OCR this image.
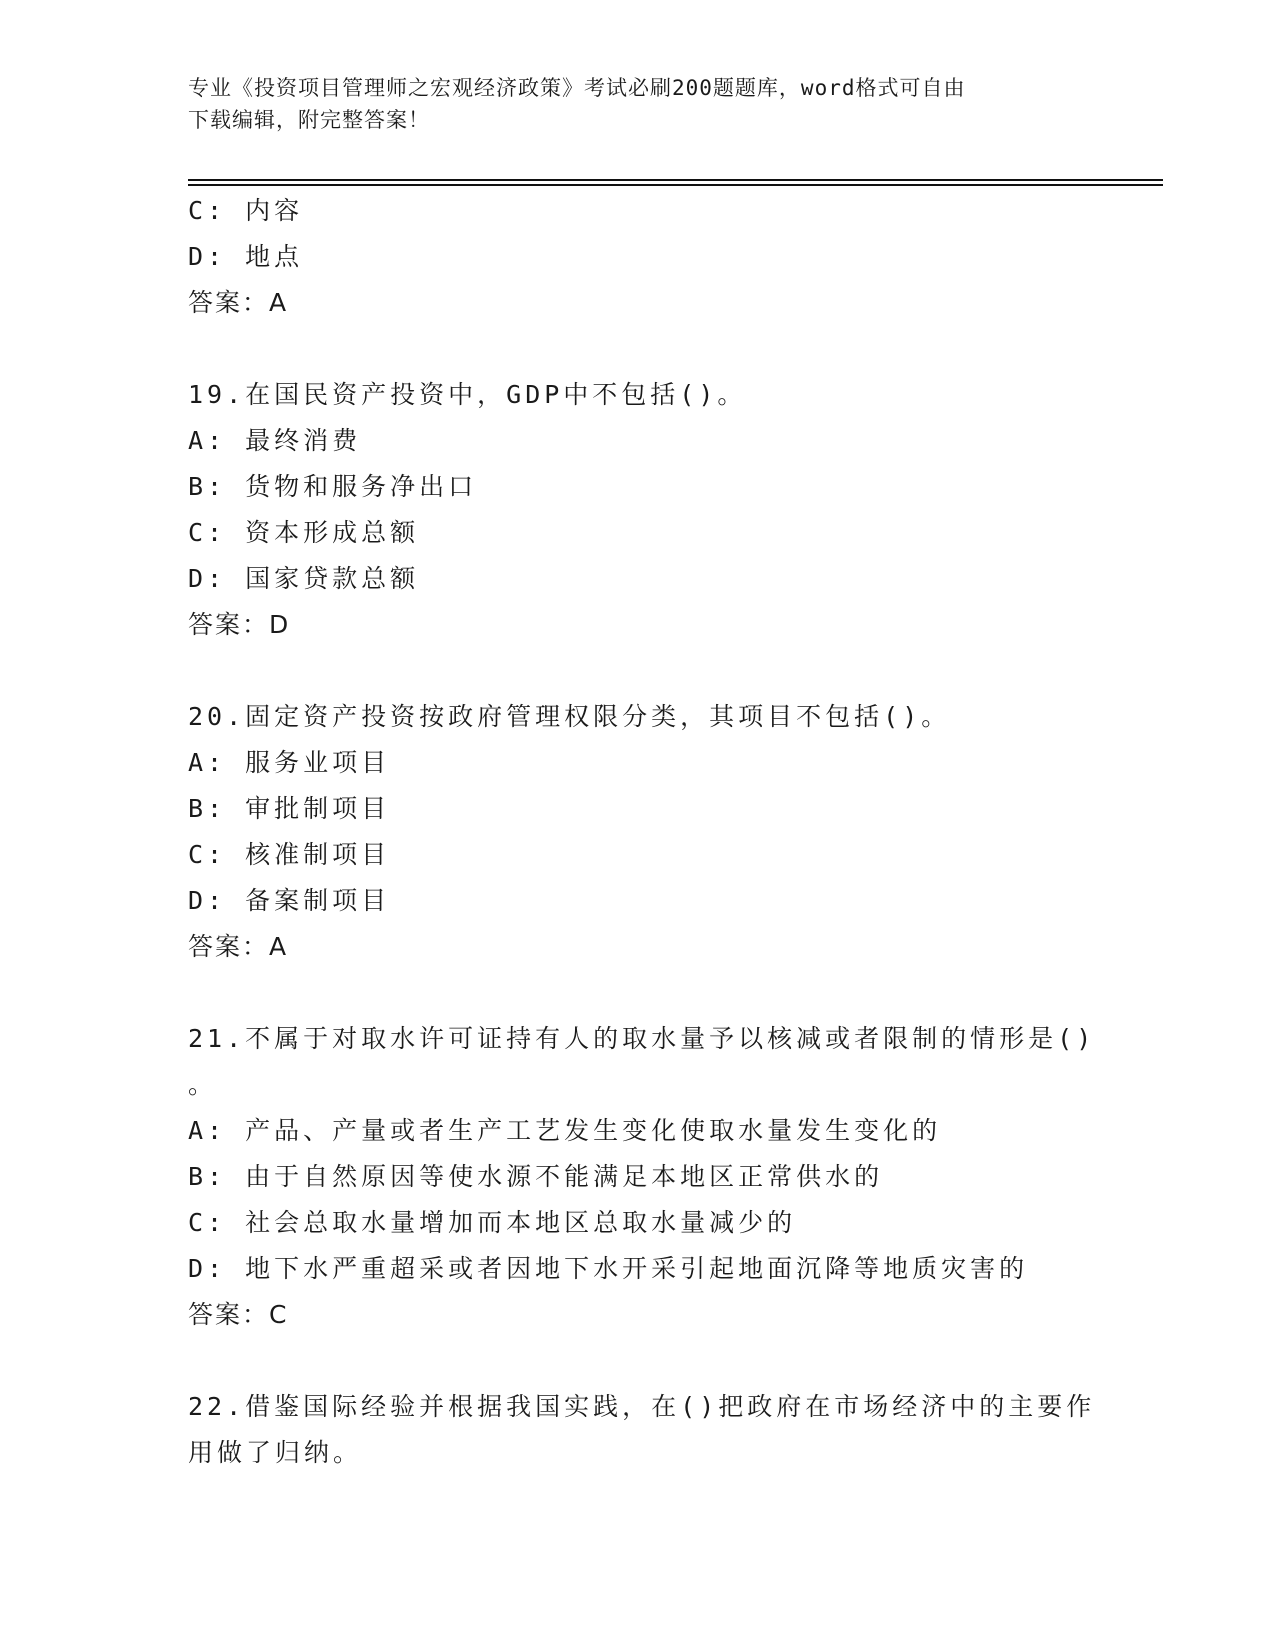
专业《投资项目管理师之宏观经济政策》考试必刷200题题库，word格式可自由
下载编辑，附完整答案！
C: 内容
D: 地点
答案：A
19.在国民资产投资中，GDP中不包括()。
A: 最终消费
B: 货物和服务净出口
C: 资本形成总额
D: 国家贷款总额
答案：D
20.固定资产投资按政府管理权限分类，其项目不包括()。
A: 服务业项目
B: 审批制项目
C: 核准制项目
D: 备案制项目
答案：A
21.不属于对取水许可证持有人的取水量予以核减或者限制的情形是()
。
A: 产品、产量或者生产工艺发生变化使取水量发生变化的
B: 由于自然原因等使水源不能满足本地区正常供水的
C: 社会总取水量增加而本地区总取水量减少的
D: 地下水严重超采或者因地下水开采引起地面沉降等地质灾害的
答案：C
22.借鉴国际经验并根据我国实践，在()把政府在市场经济中的主要作
用做了归纳。
